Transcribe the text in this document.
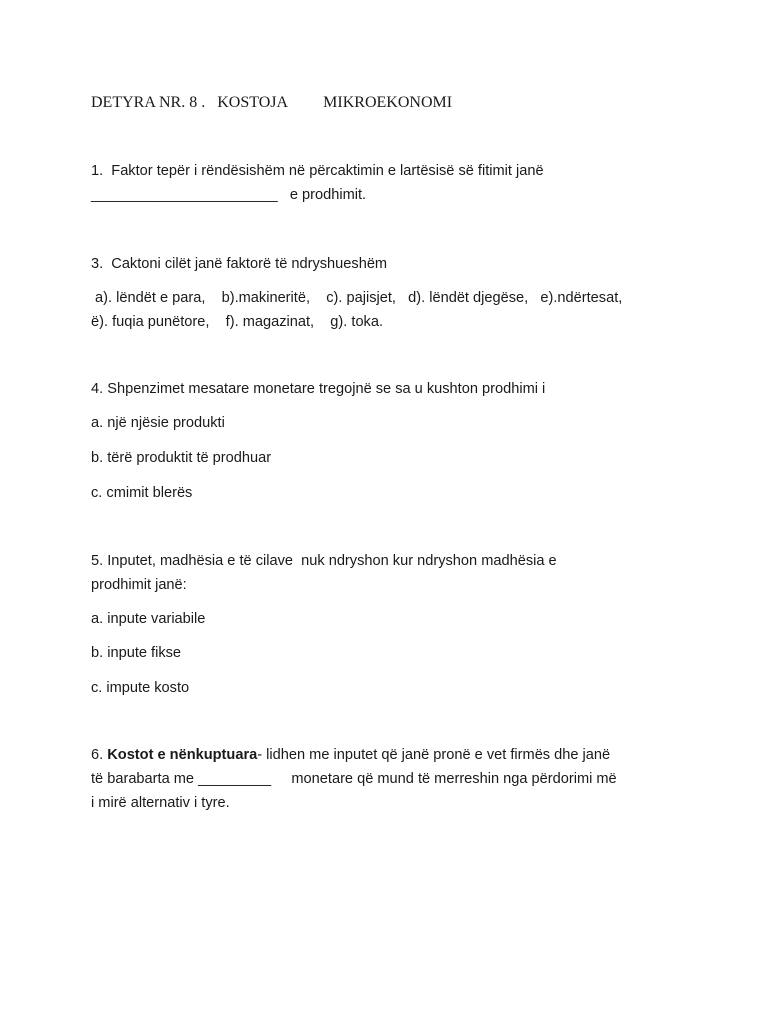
DETYRA NR. 8 .   KOSTOJA         MIKROEKONOMI
1.  Faktor tepër i rëndësishëm në përcaktimin e lartësisë së fitimit janë
_______________________   e prodhimit.
3.  Caktoni cilët janë faktorë të ndryshueshëm
a). lëndët e para,    b).makineritë,    c). pajisjet,   d). lëndët djegëse,   e).ndërtesat,
ë). fuqia punëtore,    f). magazinat,    g). toka.
4. Shpenzimet mesatare monetare tregojnë se sa u kushton prodhimi i
a. një njësie produkti
b. tërë produktit të prodhuar
c. cmimit blerës
5. Inputet, madhësia e të cilave  nuk ndryshon kur ndryshon madhësia e
prodhimit janë:
a. inpute variabile
b. inpute fikse
c. impute kosto
6. Kostot e nënkuptuara- lidhen me inputet që janë pronë e vet firmës dhe janë
të barabarta me _________     monetare që mund të merreshin nga përdorimi më
i mirë alternativ i tyre.
